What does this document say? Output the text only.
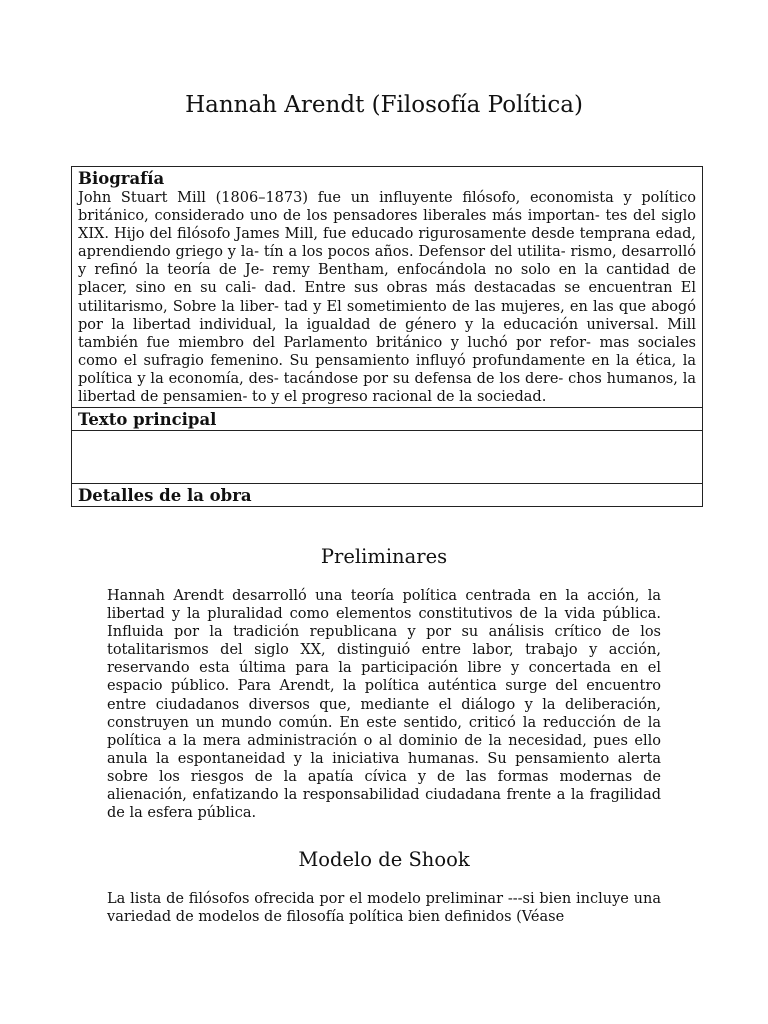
Hannah Arendt (Filosofía Política)
Biografía
John Stuart Mill (1806–1873) fue un influyente filósofo, economista y político británico, considerado uno de los pensadores liberales más importan- tes del siglo XIX. Hijo del filósofo James Mill, fue educado rigurosamente desde temprana edad, aprendiendo griego y la- tín a los pocos años. Defensor del utilita- rismo, desarrolló y refinó la teoría de Je- remy Bentham, enfocándola no solo en la cantidad de placer, sino en su cali- dad. Entre sus obras más destacadas se encuentran El utilitarismo, Sobre la liber- tad y El sometimiento de las mujeres, en las que abogó por la libertad individual, la igualdad de género y la educación universal. Mill también fue miembro del Parlamento británico y luchó por refor- mas sociales como el sufragio femenino. Su pensamiento influyó profundamente en la ética, la política y la economía, des- tacándose por su defensa de los dere- chos humanos, la libertad de pensamien- to y el progreso racional de la sociedad.
Texto principal
Detalles de la obra
Preliminares

Hannah Arendt desarrolló una teoría política centrada en la acción, la libertad y la pluralidad como elementos constitutivos de la vida pública. Influida por la tradición republicana y por su análisis crítico de los totalitarismos del siglo XX, distinguió entre labor, trabajo y acción, reservando esta última para la participación libre y concertada en el espacio público. Para Arendt, la política auténtica surge del encuentro entre ciudadanos diversos que, mediante el diálogo y la deliberación, construyen un mundo común. En este sentido, criticó la reducción de la política a la mera administración o al dominio de la necesidad, pues ello anula la espontaneidad y la iniciativa humanas. Su pensamiento alerta sobre los riesgos de la apatía cívica y de las formas modernas de alienación, enfatizando la responsabilidad ciudadana frente a la fragilidad de la esfera pública.

Modelo de Shook

La lista de filósofos ofrecida por el modelo preliminar ---si bien incluye una variedad de modelos de filosofía política bien definidos (Véase
